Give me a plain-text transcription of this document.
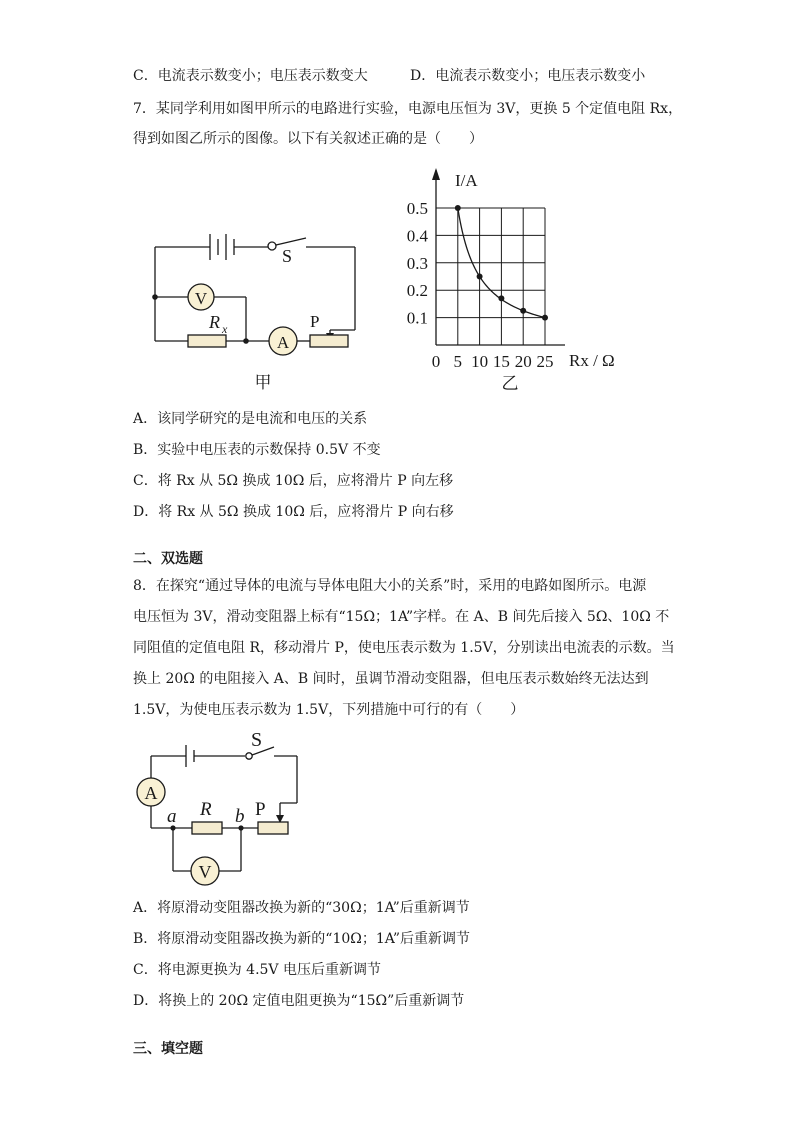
C．电流表示数变小；电压表示数变大	D．电流表示数变小；电压表示数变小
7．某同学利用如图甲所示的电路进行实验，电源电压恒为 3V，更换 5 个定值电阻 Rx，
得到如图乙所示的图像。以下有关叙述正确的是（　　）
V
A
S
P
R x
甲
0 5 10 15 20 25
0.1
0.2
0.3
0.4
0.5
I/A
Rx / Ω
乙
A．该同学研究的是电流和电压的关系
B．实验中电压表的示数保持 0.5V 不变
C．将 Rx 从 5Ω 换成 10Ω 后，应将滑片 P 向左移
D．将 Rx 从 5Ω 换成 10Ω 后，应将滑片 P 向右移
二、双选题
8．在探究“通过导体的电流与导体电阻大小的关系”时，采用的电路如图所示。电源
电压恒为 3V，滑动变阻器上标有“15Ω；1A”字样。在 A、B 间先后接入 5Ω、10Ω 不
同阻值的定值电阻 R，移动滑片 P，使电压表示数为 1.5V，分别读出电流表的示数。当
换上 20Ω 的电阻接入 A、B 间时，虽调节滑动变阻器，但电压表示数始终无法达到
1.5V，为使电压表示数为 1.5V，下列措施中可行的有（　　）
A
V
S
a	b
R P
A．将原滑动变阻器改换为新的“30Ω；1A”后重新调节
B．将原滑动变阻器改换为新的“10Ω；1A”后重新调节
C．将电源更换为 4.5V 电压后重新调节
D．将换上的 20Ω 定值电阻更换为“15Ω”后重新调节
三、填空题
